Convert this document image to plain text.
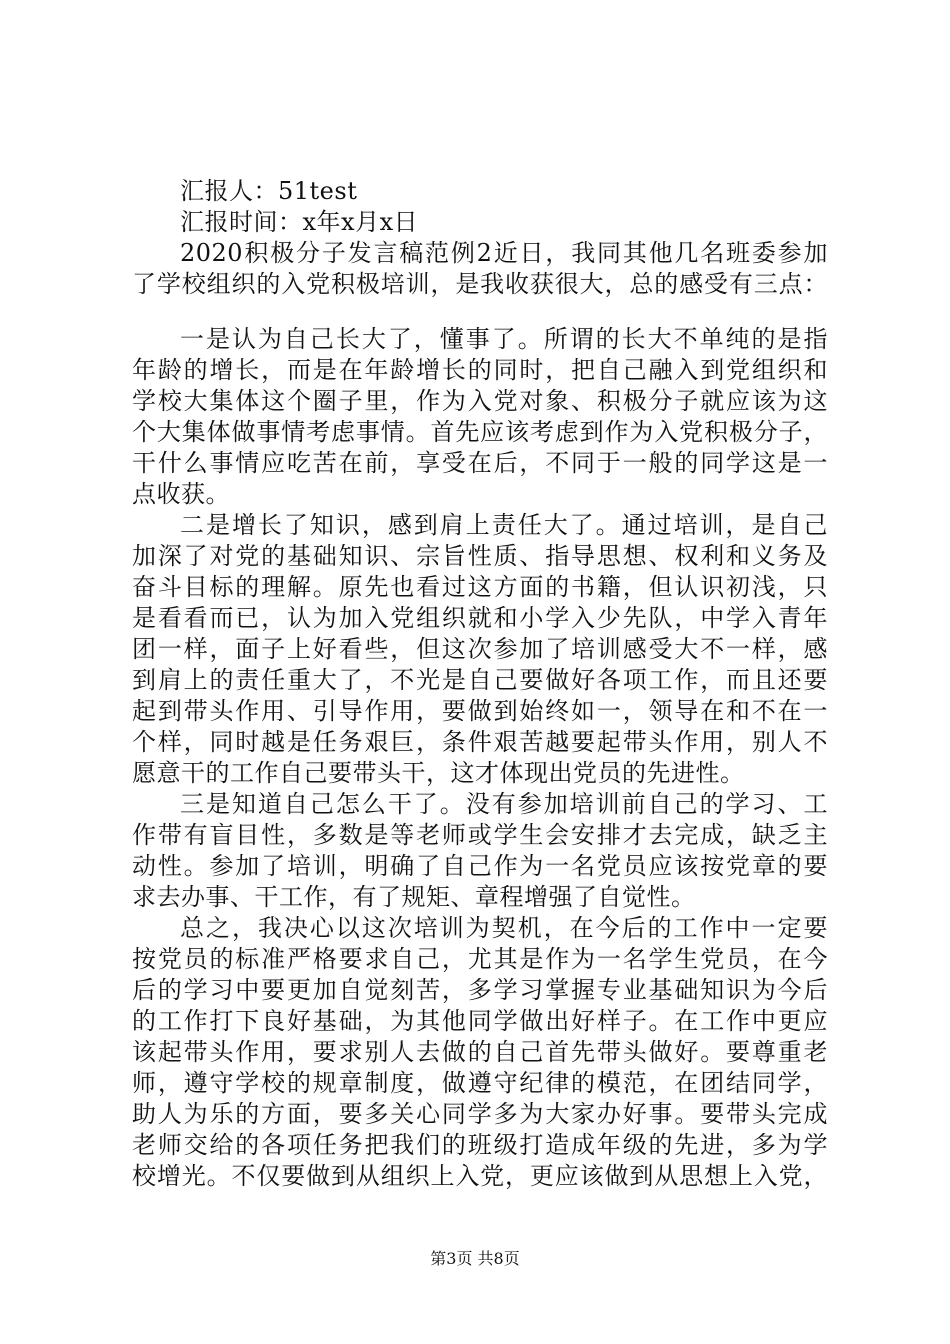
汇报人：51test
汇报时间：x年x月x日
2020积极分子发言稿范例2近日，我同其他几名班委参加
了学校组织的入党积极培训，是我收获很大，总的感受有三点：
一是认为自己长大了，懂事了。所谓的长大不单纯的是指
年龄的增长，而是在年龄增长的同时，把自己融入到党组织和
学校大集体这个圈子里，作为入党对象、积极分子就应该为这
个大集体做事情考虑事情。首先应该考虑到作为入党积极分子，
干什么事情应吃苦在前，享受在后，不同于一般的同学这是一
点收获。
二是增长了知识，感到肩上责任大了。通过培训，是自己
加深了对党的基础知识、宗旨性质、指导思想、权利和义务及
奋斗目标的理解。原先也看过这方面的书籍，但认识初浅，只
是看看而已，认为加入党组织就和小学入少先队，中学入青年
团一样，面子上好看些，但这次参加了培训感受大不一样，感
到肩上的责任重大了，不光是自己要做好各项工作，而且还要
起到带头作用、引导作用，要做到始终如一，领导在和不在一
个样，同时越是任务艰巨，条件艰苦越要起带头作用，别人不
愿意干的工作自己要带头干，这才体现出党员的先进性。
三是知道自己怎么干了。没有参加培训前自己的学习、工
作带有盲目性，多数是等老师或学生会安排才去完成，缺乏主
动性。参加了培训，明确了自己作为一名党员应该按党章的要
求去办事、干工作，有了规矩、章程增强了自觉性。
总之，我决心以这次培训为契机，在今后的工作中一定要
按党员的标准严格要求自己，尤其是作为一名学生党员，在今
后的学习中要更加自觉刻苦，多学习掌握专业基础知识为今后
的工作打下良好基础，为其他同学做出好样子。在工作中更应
该起带头作用，要求别人去做的自己首先带头做好。要尊重老
师，遵守学校的规章制度，做遵守纪律的模范，在团结同学，
助人为乐的方面，要多关心同学多为大家办好事。要带头完成
老师交给的各项任务把我们的班级打造成年级的先进，多为学
校增光。不仅要做到从组织上入党，更应该做到从思想上入党，
第3页 共8页
